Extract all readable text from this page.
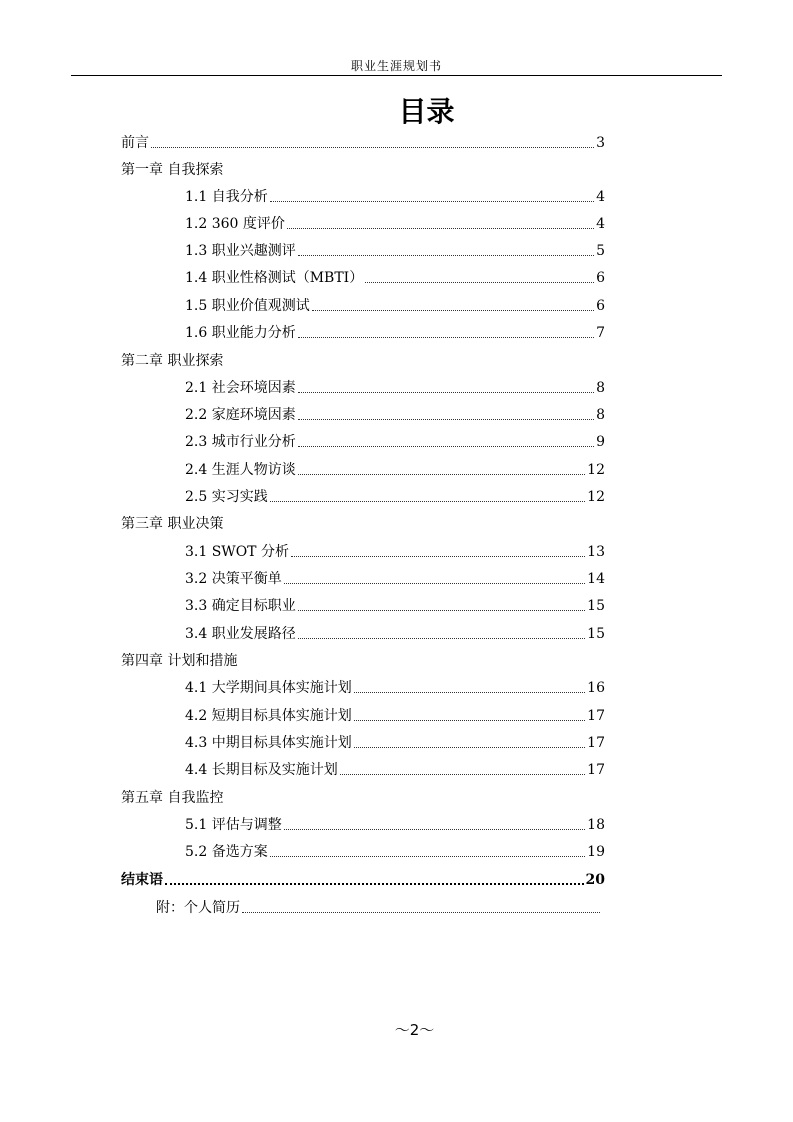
职业生涯规划书
目录
前言	3
第一章 自我探索
1.1 自我分析	4
1.2 360 度评价	4
1.3 职业兴趣测评	5
1.4 职业性格测试（MBTI）	6
1.5 职业价值观测试	6
1.6 职业能力分析	7
第二章 职业探索
2.1 社会环境因素	8
2.2 家庭环境因素	8
2.3 城市行业分析	9
2.4 生涯人物访谈	12
2.5 实习实践	12
第三章 职业决策
3.1 SWOT 分析	13
3.2 决策平衡单	14
3.3 确定目标职业	15
3.4 职业发展路径	15
第四章 计划和措施
4.1 大学期间具体实施计划	16
4.2 短期目标具体实施计划	17
4.3 中期目标具体实施计划	17
4.4 长期目标及实施计划	17
第五章 自我监控
5.1 评估与调整	18
5.2 备选方案	19
结束语	20
附：个人简历
～2～
